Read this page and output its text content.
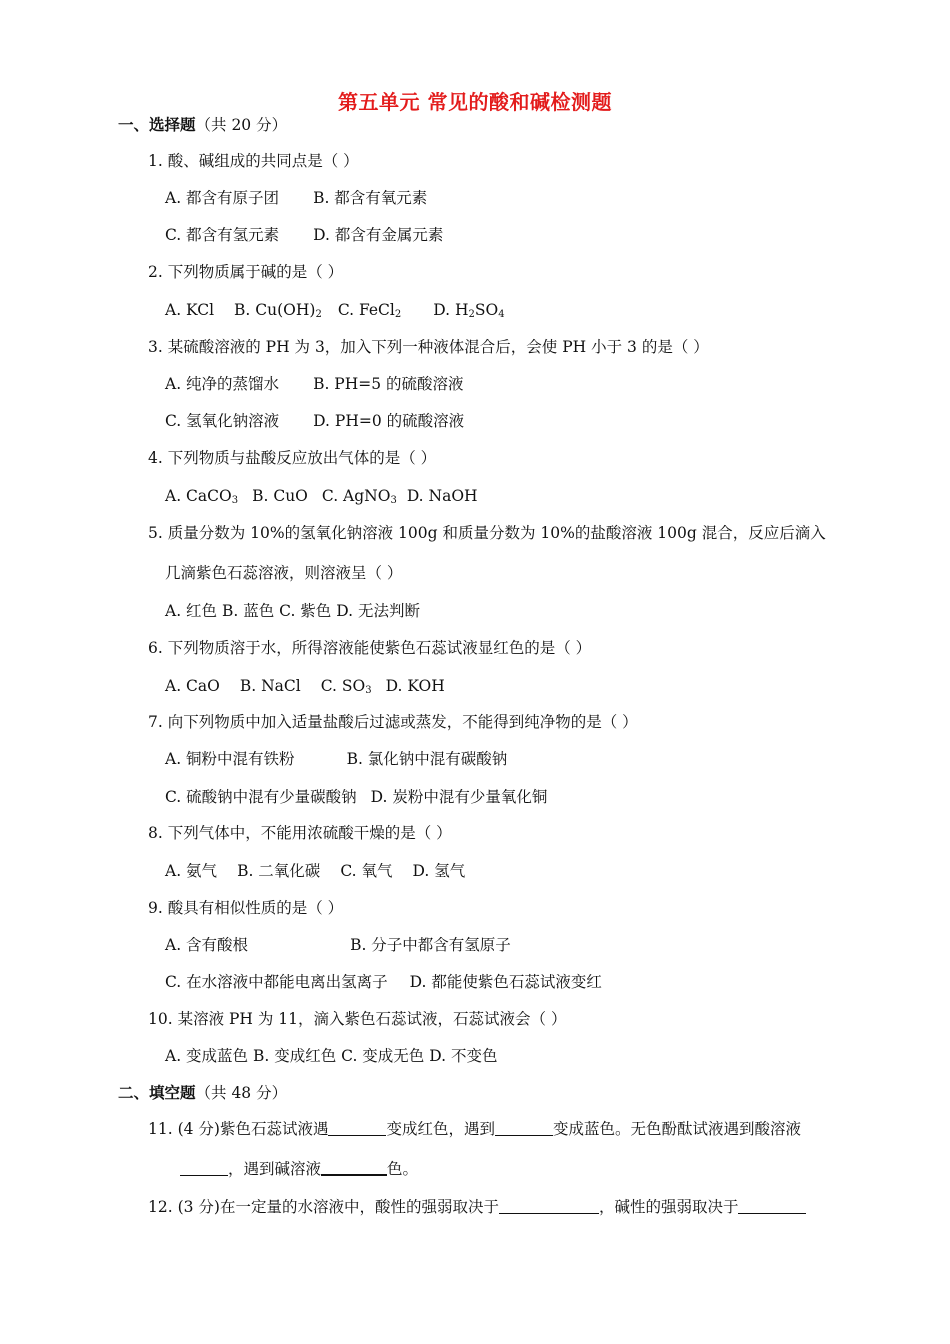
第五单元 常见的酸和碱检测题
一、选择题（共 20 分）
1. 酸、碱组成的共同点是（ ）
A. 都含有原子团 B. 都含有氧元素
C. 都含有氢元素 D. 都含有金属元素
2. 下列物质属于碱的是（ ）
A. KCl B. $Cu(OH)_2$ C. FeCl$_2$ D. $H_2SO_4$
3. 某硫酸溶液的 PH 为 3，加入下列一种液体混合后，会使 PH 小于 3 的是（ ）
A. 纯净的蒸馏水 B. PH=5 的硫酸溶液
C. 氢氧化钠溶液 D. PH=0 的硫酸溶液
4. 下列物质与盐酸反应放出气体的是（ ）
A. CaCO$_3$ B. CuO C. AgNO$_3$ D. NaOH
5. 质量分数为 10%的氢氧化钠溶液 100g 和质量分数为 10%的盐酸溶液 100g 混合，反应后滴入
几滴紫色石蕊溶液，则溶液呈（ ）
A. 红色 B. 蓝色 C. 紫色 D. 无法判断
6. 下列物质溶于水，所得溶液能使紫色石蕊试液显红色的是（ ）
A. CaO B. NaCl C. $SO_3$ D. KOH
7. 向下列物质中加入适量盐酸后过滤或蒸发，不能得到纯净物的是（ ）
A. 铜粉中混有铁粉	B. 氯化钠中混有碳酸钠
C. 硫酸钠中混有少量碳酸钠 D. 炭粉中混有少量氧化铜
8. 下列气体中，不能用浓硫酸干燥的是（ ）
A. 氨气 B. 二氧化碳 C. 氧气 D. 氢气
9. 酸具有相似性质的是（ ）
A. 含有酸根	B. 分子中都含有氢原子
C. 在水溶液中都能电离出氢离子 D. 都能使紫色石蕊试液变红
10. 某溶液 PH 为 11，滴入紫色石蕊试液，石蕊试液会（ ）
A. 变成蓝色 B. 变成红色 C. 变成无色 D. 不变色
二、填空题（共 48 分）
11. (4 分)紫色石蕊试液遇	变成红色，遇到	变成蓝色。无色酚酞试液遇到酸溶液
，遇到碱溶液	色。
12. (3 分)在一定量的水溶液中，酸性的强弱取决于	，碱性的强弱取决于
